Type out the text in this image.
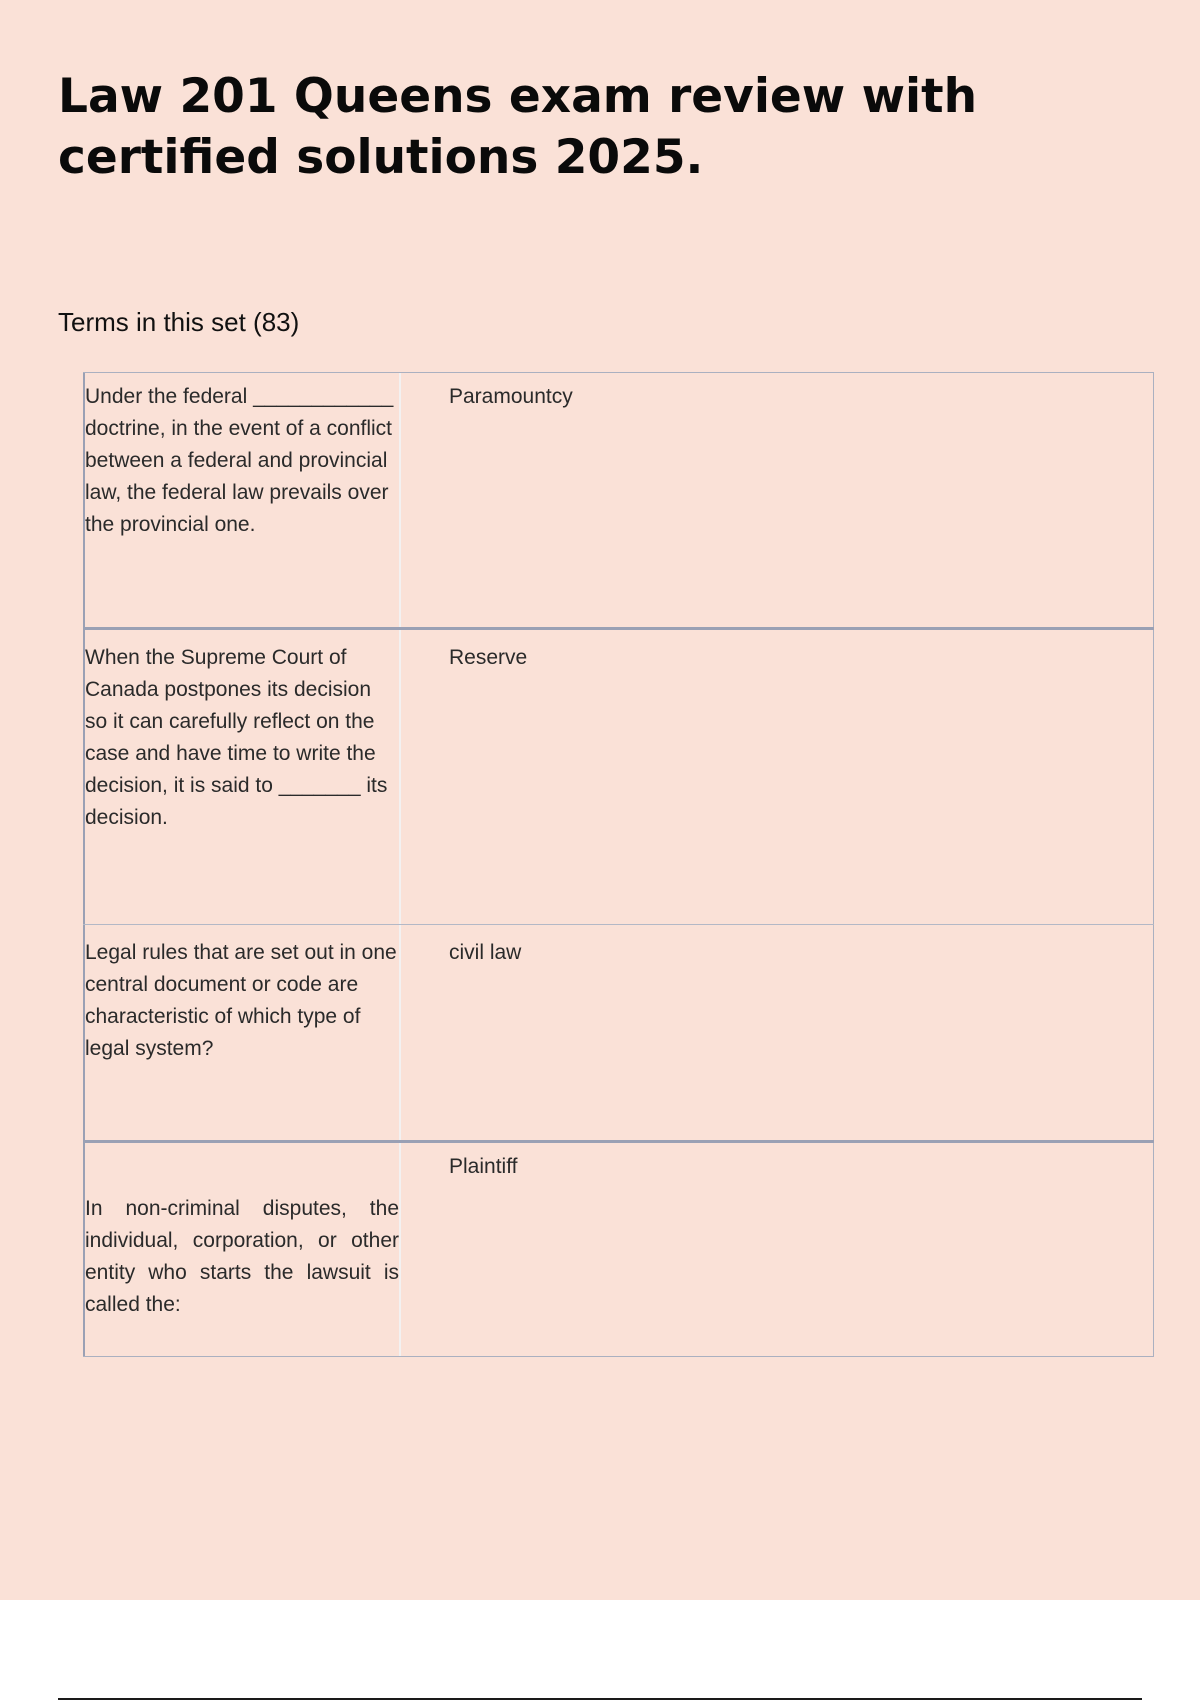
Law 201 Queens exam review with certified solutions 2025.
Terms in this set (83)
Under the federal ____________ doctrine, in the event of a conflict between a federal and provincial law, the federal law prevails over the provincial one.
Paramountcy
When the Supreme Court of Canada postpones its decision so it can carefully reflect on the case and have time to write the decision, it is said to _______ its decision.
Reserve
Legal rules that are set out in one central document or code are characteristic of which type of legal system?
civil law
In non-criminal disputes, the individual, corporation, or other entity who starts the lawsuit is called the:
Plaintiff
